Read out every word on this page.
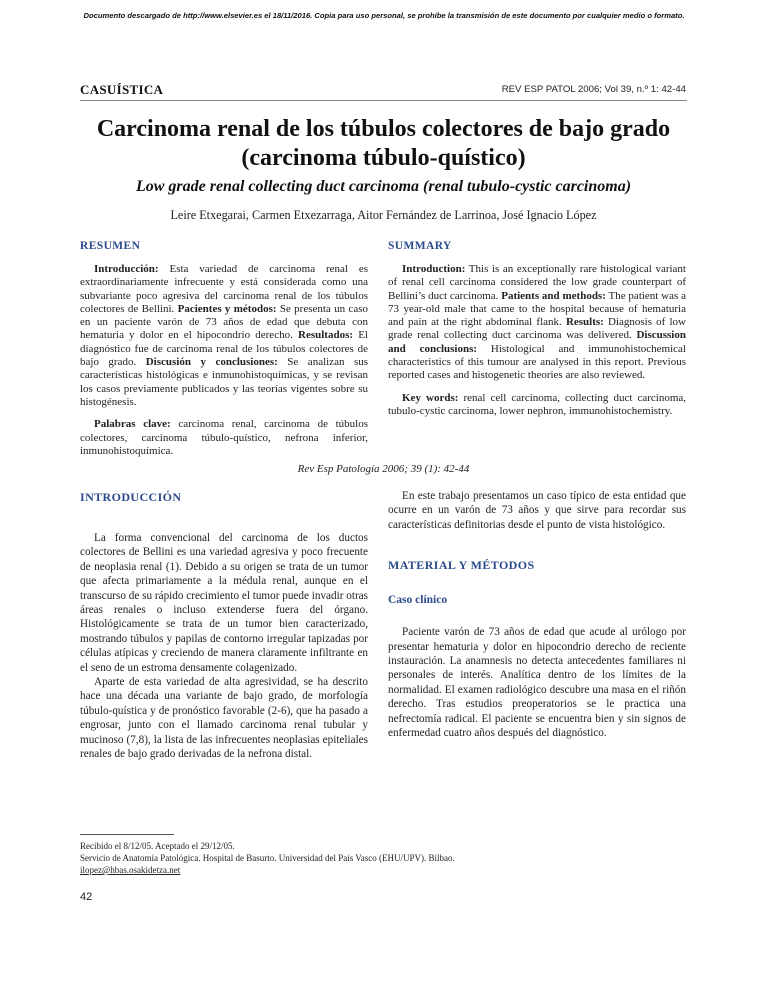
Documento descargado de http://www.elsevier.es el 18/11/2016. Copia para uso personal, se prohíbe la transmisión de este documento por cualquier medio o formato.
CASUÍSTICA	REV ESP PATOL 2006; Vol 39, n.º 1: 42-44
Carcinoma renal de los túbulos colectores de bajo grado
(carcinoma túbulo-quístico)
Low grade renal collecting duct carcinoma (renal tubulo-cystic carcinoma)
Leire Etxegarai, Carmen Etxezarraga, Aitor Fernández de Larrinoa, José Ignacio López
RESUMEN

Introducción: Esta variedad de carcinoma renal es extraordinariamente infrecuente y está considerada como una subvariante poco agresiva del carcinoma renal de los túbulos colectores de Bellini. Pacientes y métodos: Se presenta un caso en un paciente varón de 73 años de edad que debuta con hematuria y dolor en el hipocondrio derecho. Resultados: El diagnóstico fue de carcinoma renal de los túbulos colectores de bajo grado. Discusión y conclusiones: Se analizan sus características histológicas e inmunohistoquímicas, y se revisan los casos previamente publicados y las teorías vigentes sobre su histogénesis.

Palabras clave: carcinoma renal, carcinoma de túbulos colectores, carcinoma túbulo-quístico, nefrona inferior, inmunohistoquímica.

SUMMARY

Introduction: This is an exceptionally rare histological variant of renal cell carcinoma considered the low grade counterpart of Bellini’s duct carcinoma. Patients and methods: The patient was a 73 year-old male that came to the hospital because of hematuria and pain at the right abdominal flank. Results: Diagnosis of low grade renal collecting duct carcinoma was delivered. Discussion and conclusions: Histological and immunohistochemical characteristics of this tumour are analysed in this report. Previous reported cases and histogenetic theories are also reviewed.

Key words: renal cell carcinoma, collecting duct carcinoma, tubulo-cystic carcinoma, lower nephron, immunohistochemistry.

Rev Esp Patología 2006; 39 (1): 42-44
INTRODUCCIÓN

La forma convencional del carcinoma de los ductos colectores de Bellini es una variedad agresiva y poco frecuente de neoplasia renal (1). Debido a su origen se trata de un tumor que afecta primariamente a la médula renal, aunque en el transcurso de su rápido crecimiento el tumor puede invadir otras áreas renales o incluso extenderse fuera del órgano. Histológicamente se trata de un tumor bien caracterizado, mostrando túbulos y papilas de contorno irregular tapizadas por células atípicas y creciendo de manera claramente infiltrante en el seno de un estroma densamente colagenizado.

Aparte de esta variedad de alta agresividad, se ha descrito hace una década una variante de bajo grado, de morfología túbulo-quística y de pronóstico favorable (2-6), que ha pasado a engrosar, junto con el llamado carcinoma renal tubular y mucinoso (7,8), la lista de las infrecuentes neoplasias epiteliales renales de bajo grado derivadas de la nefrona distal.

En este trabajo presentamos un caso típico de esta entidad que ocurre en un varón de 73 años y que sirve para recordar sus características definitorias desde el punto de vista histológico.

MATERIAL Y MÉTODOS
Caso clínico

Paciente varón de 73 años de edad que acude al urólogo por presentar hematuria y dolor en hipocondrio derecho de reciente instauración. La anamnesis no detecta antecedentes familiares ni personales de interés. Analítica dentro de los límites de la normalidad. El examen radiológico descubre una masa en el riñón derecho. Tras estudios preoperatorios se le practica una nefrectomía radical. El paciente se encuentra bien y sin signos de enfermedad cuatro años después del diagnóstico.

Recibido el 8/12/05. Aceptado el 29/12/05.
Servicio de Anatomía Patológica. Hospital de Basurto. Universidad del País Vasco (EHU/UPV). Bilbao.
ilopez@hbas.osakidetza.net
42
